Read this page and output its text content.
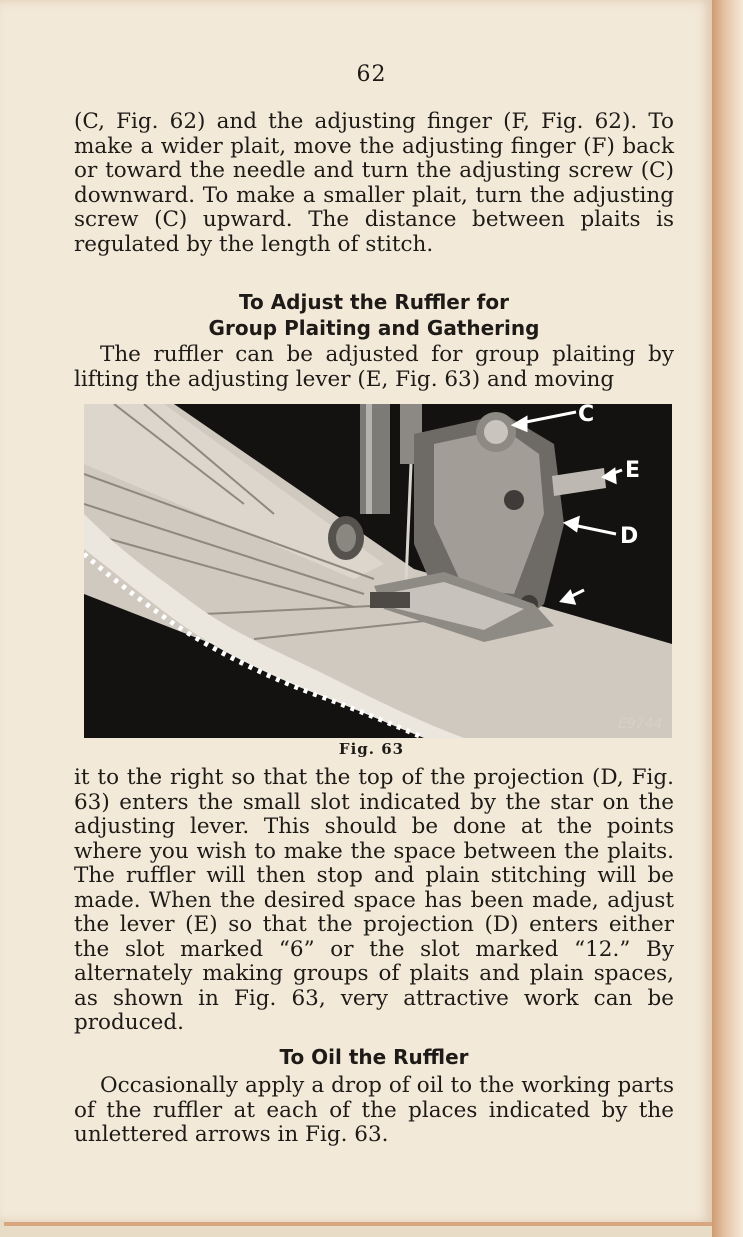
62

(C, Fig. 62) and the adjusting finger (F, Fig. 62). To make a wider plait, move the adjusting finger (F) back or toward the needle and turn the adjusting screw (C) downward. To make a smaller plait, turn the adjusting screw (C) upward. The distance between plaits is regulated by the length of stitch.

To Adjust the Ruffler for
Group Plaiting and Gathering

The ruffler can be adjusted for group plaiting by lifting the adjusting lever (E, Fig. 63) and moving

C
E
D
E9744
Fig. 63

it to the right so that the top of the projection (D, Fig. 63) enters the small slot indicated by the star on the adjusting lever. This should be done at the points where you wish to make the space between the plaits. The ruffler will then stop and plain stitching will be made. When the desired space has been made, adjust the lever (E) so that the projection (D) enters either the slot marked “6” or the slot marked “12.” By alternately making groups of plaits and plain spaces, as shown in Fig. 63, very attractive work can be produced.

To Oil the Ruffler

Occasionally apply a drop of oil to the working parts of the ruffler at each of the places indicated by the unlettered arrows in Fig. 63.
